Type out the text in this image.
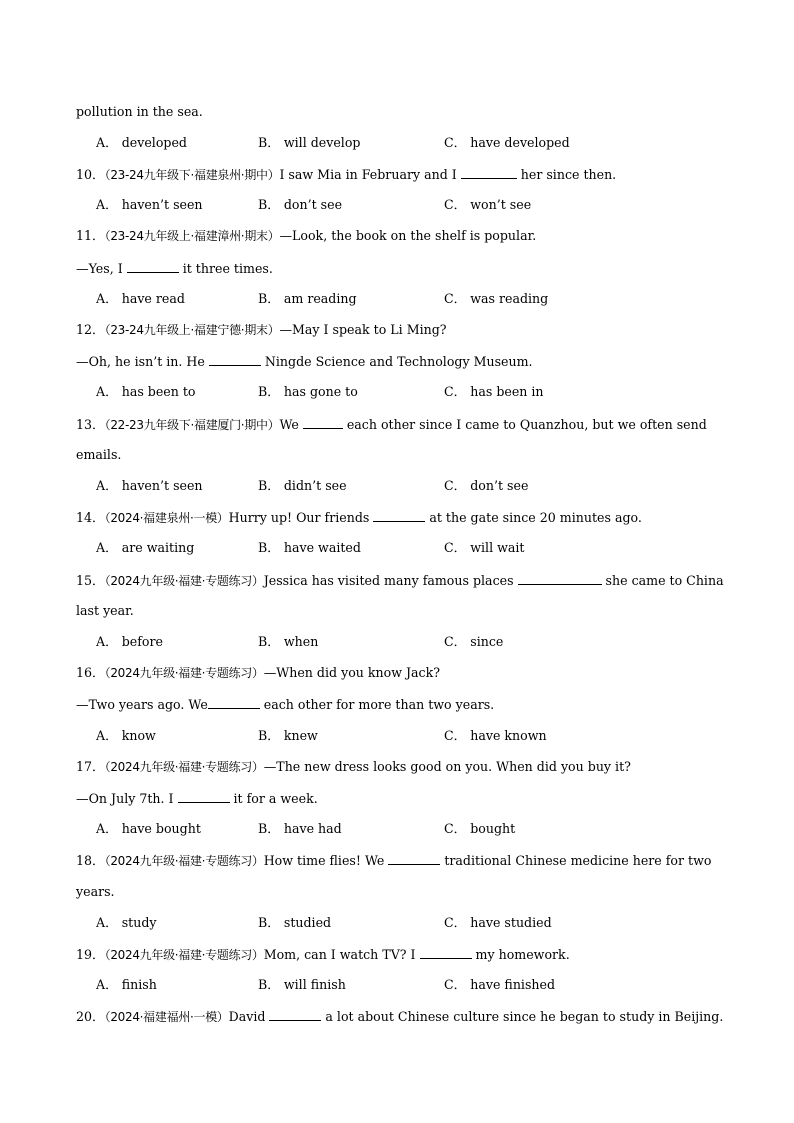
pollution in the sea.
A． developed	B． will develop	C． have developed
10．（23-24九年级下·福建泉州·期中）I saw Mia in February and I	her since then.
A． haven’t seen	B． don’t see	C． won’t see
11．（23-24九年级上·福建漳州·期末）—Look, the book on the shelf is popular.
—Yes, I	it three times.
A． have read	B． am reading	C． was reading
12．（23-24九年级上·福建宁德·期末）—May I speak to Li Ming?
—Oh, he isn’t in. He	Ningde Science and Technology Museum.
A． has been to	B． has gone to	C． has been in
13．（22-23九年级下·福建厦门·期中）We	each other since I came to Quanzhou, but we often send
emails.
A． haven’t seen	B． didn’t see	C． don’t see
14．（2024·福建泉州·一模）Hurry up! Our friends	at the gate since 20 minutes ago.
A． are waiting	B． have waited	C． will wait
15．（2024九年级·福建·专题练习）Jessica has visited many famous places	she came to China
last year.
A． before	B． when	C． since
16．（2024九年级·福建·专题练习）—When did you know Jack?
—Two years ago. We	each other for more than two years.
A． know	B． knew	C． have known
17．（2024九年级·福建·专题练习）—The new dress looks good on you. When did you buy it?
—On July 7th. I	it for a week.
A． have bought	B． have had	C． bought
18．（2024九年级·福建·专题练习）How time flies! We	traditional Chinese medicine here for two
years.
A． study	B． studied	C． have studied
19．（2024九年级·福建·专题练习）Mom, can I watch TV? I	my homework.
A． finish	B． will finish	C． have finished
20．（2024·福建福州·一模）David	a lot about Chinese culture since he began to study in Beijing.
